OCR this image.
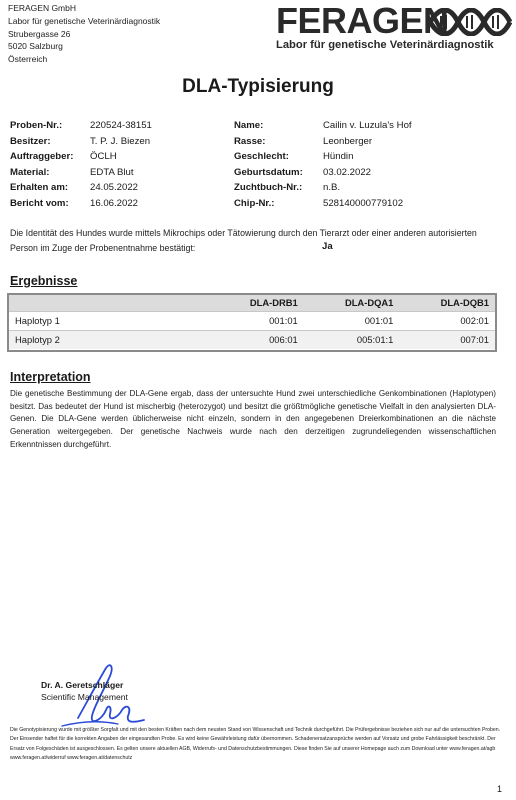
FERAGEN GmbH
Labor für genetische Veterinärdiagnostik
Strubergasse 26
5020 Salzburg
Österreich
FERAGEN
Labor für genetische Veterinärdiagnostik
DLA-Typisierung
Proben-Nr.:	220524-38151
Besitzer:	T. P. J. Biezen
Auftraggeber:	ÖCLH
Material:	EDTA Blut
Erhalten am:	24.05.2022
Bericht vom:	16.06.2022
Name:	Cailin v. Luzula's Hof
Rasse:	Leonberger
Geschlecht:	Hündin
Geburtsdatum:	03.02.2022
Zuchtbuch-Nr.:	n.B.
Chip-Nr.:	528140000779102
Die Identität des Hundes wurde mittels Mikrochips oder Tätowierung durch den Tierarzt oder einer anderen autorisierten Person im Zuge der Probenentnahme bestätigt:	Ja
Ergebnisse
	DLA-DRB1	DLA-DQA1	DLA-DQB1
Haplotyp 1	001:01	001:01	002:01
Haplotyp 2	006:01	005:01:1	007:01
Interpretation
Die genetische Bestimmung der DLA-Gene ergab, dass der untersuchte Hund zwei unterschiedliche Genkombinationen (Haplotypen) besitzt. Das bedeutet der Hund ist mischerbig (heterozygot) und besitzt die größtmögliche genetische Vielfalt in den analysierten DLA-Genen. Die DLA-Gene werden üblicherweise nicht einzeln, sondern in den angegebenen Dreierkombinationen an die nächste Generation weitergegeben. Der genetische Nachweis wurde nach den derzeitigen zugrundeliegenden wissenschaftlichen Erkenntnissen durchgeführt.
Dr. A. Geretschläger
Scientific Management
Die Genotypisierung wurde mit größter Sorgfalt und mit den besten Kräften nach dem neusten Stand von Wissenschaft und Technik durchgeführt. Die Prüfergebnisse beziehen sich nur auf die untersuchten Proben. Der Einsender haftet für die korrekten Angaben der eingesandten Probe. Es wird keine Gewährleistung dafür übernommen. Schadenersatzansprüche werden auf Vorsatz und grobe Fahrlässigkeit beschränkt. Der Ersatz von Folgeschäden ist ausgeschlossen. Es gelten unsere aktuellen AGB, Widerrufs- und Datenschutzbestimmungen. Diese finden Sie auf unserer Homepage auch zum Download unter www.feragen.at/agb www.feragen.at/widerruf www.feragen.at/datenschutz
1
